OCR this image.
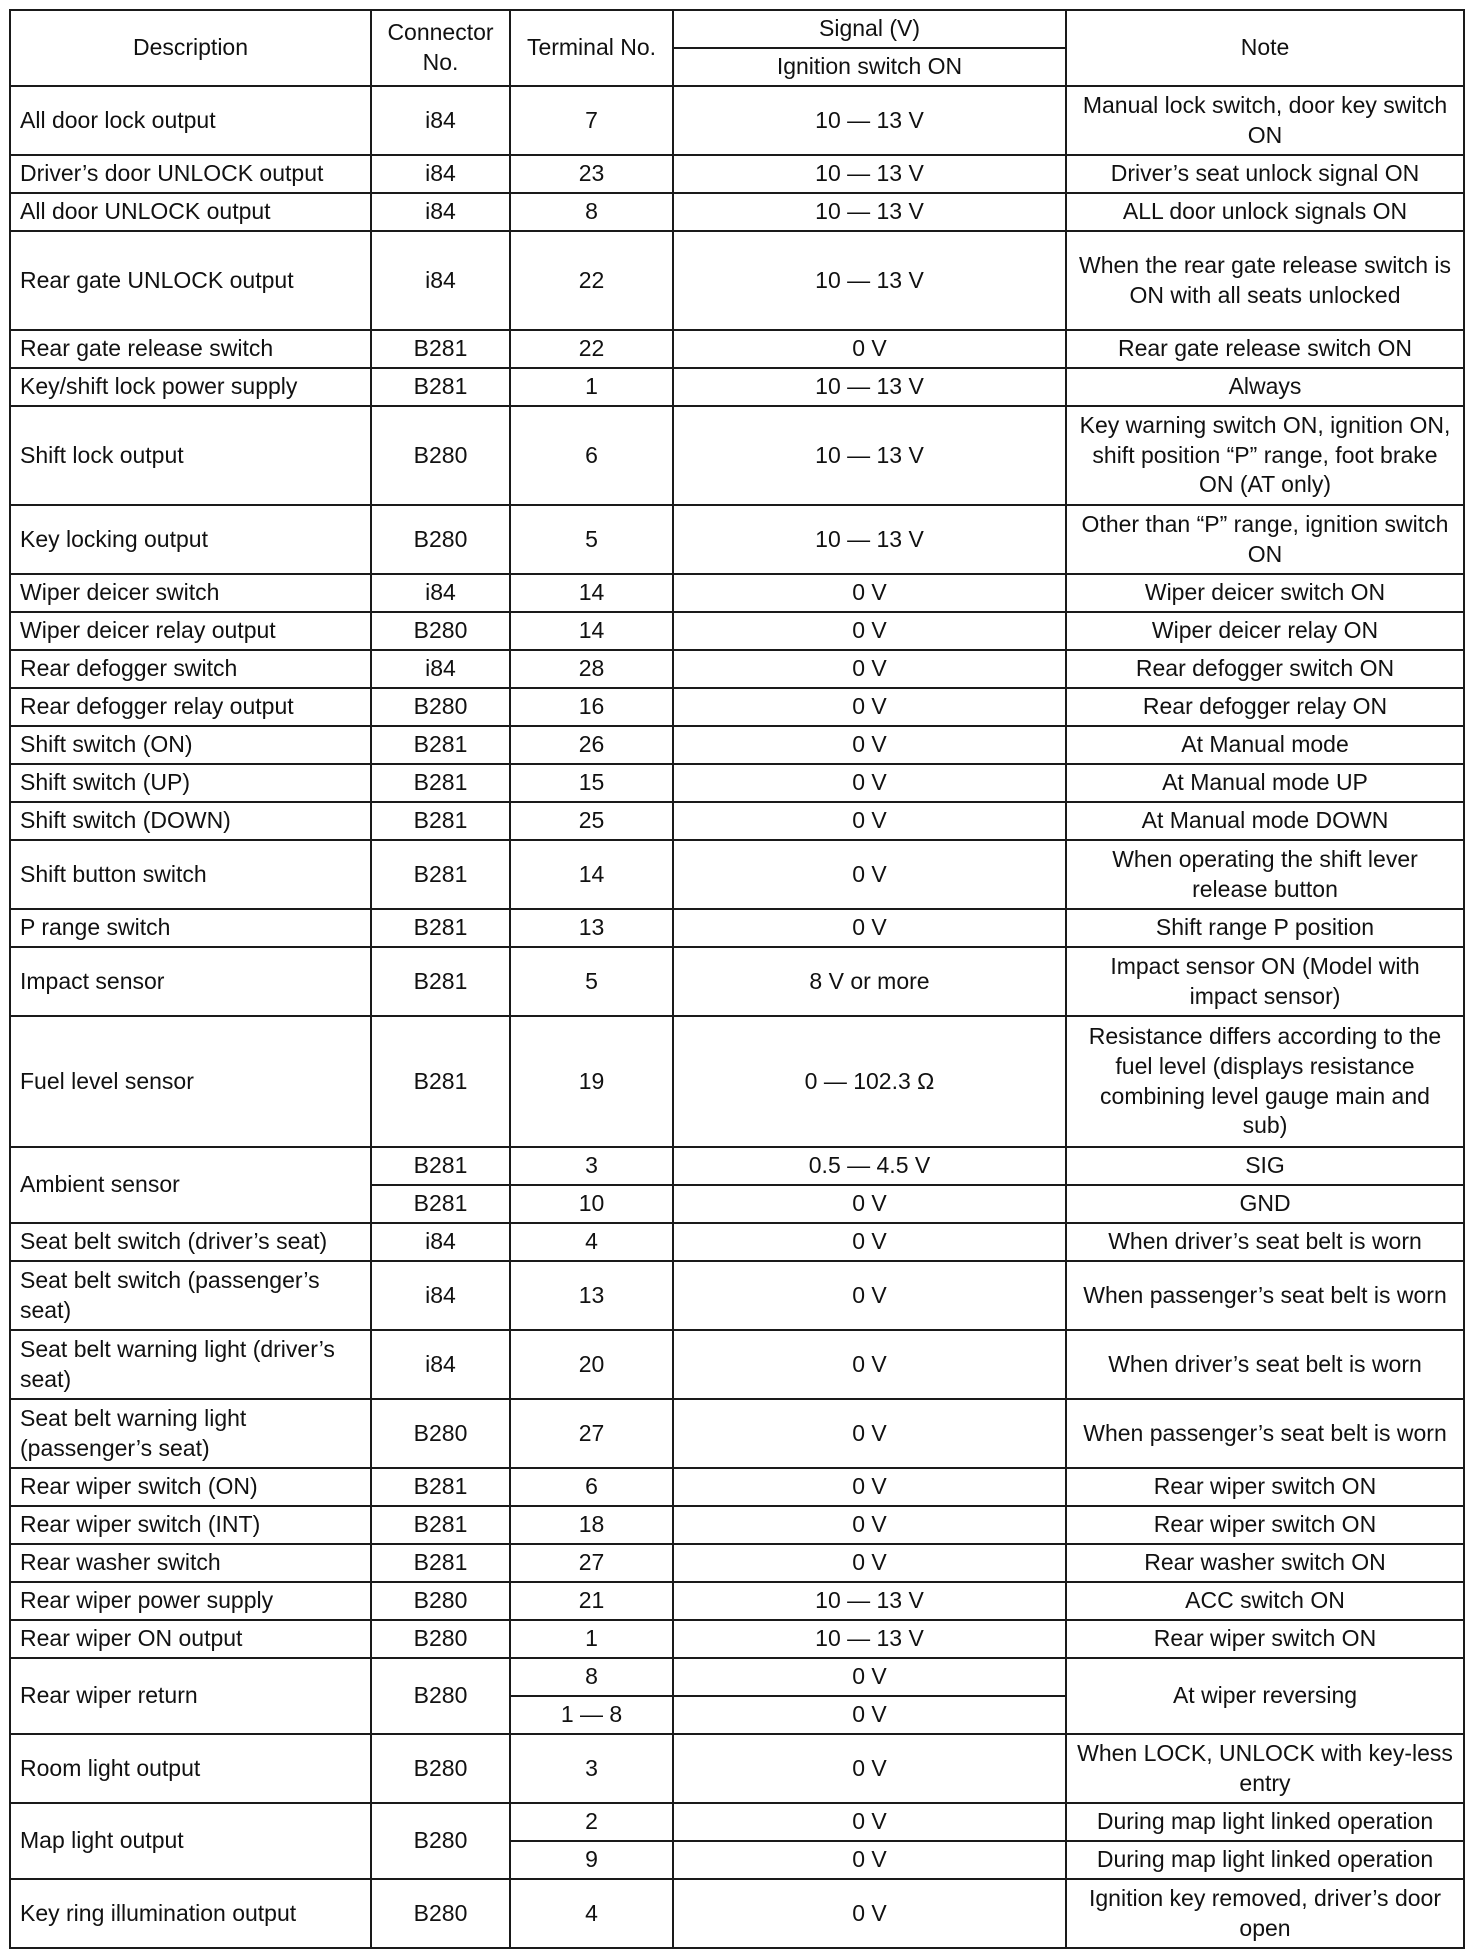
Description	Connector No.	Terminal No.	Signal (V)	Note
			Ignition switch ON	
All door lock output	i84	7	10 — 13 V	Manual lock switch, door key switch ON
Driver’s door UNLOCK output	i84	23	10 — 13 V	Driver’s seat unlock signal ON
All door UNLOCK output	i84	8	10 — 13 V	ALL door unlock signals ON
Rear gate UNLOCK output	i84	22	10 — 13 V	When the rear gate release switch is ON with all seats unlocked
Rear gate release switch	B281	22	0 V	Rear gate release switch ON
Key/shift lock power supply	B281	1	10 — 13 V	Always
Shift lock output	B280	6	10 — 13 V	Key warning switch ON, ignition ON, shift position “P” range, foot brake ON (AT only)
Key locking output	B280	5	10 — 13 V	Other than “P” range, ignition switch ON
Wiper deicer switch	i84	14	0 V	Wiper deicer switch ON
Wiper deicer relay output	B280	14	0 V	Wiper deicer relay ON
Rear defogger switch	i84	28	0 V	Rear defogger switch ON
Rear defogger relay output	B280	16	0 V	Rear defogger relay ON
Shift switch (ON)	B281	26	0 V	At Manual mode
Shift switch (UP)	B281	15	0 V	At Manual mode UP
Shift switch (DOWN)	B281	25	0 V	At Manual mode DOWN
Shift button switch	B281	14	0 V	When operating the shift lever release button
P range switch	B281	13	0 V	Shift range P position
Impact sensor	B281	5	8 V or more	Impact sensor ON (Model with impact sensor)
Fuel level sensor	B281	19	0 — 102.3 Ω	Resistance differs according to the fuel level (displays resistance combining level gauge main and sub)
Ambient sensor	B281	3	0.5 — 4.5 V	SIG
	B281	10	0 V	GND
Seat belt switch (driver’s seat)	i84	4	0 V	When driver’s seat belt is worn
Seat belt switch (passenger’s seat)	i84	13	0 V	When passenger’s seat belt is worn
Seat belt warning light (driver’s seat)	i84	20	0 V	When driver’s seat belt is worn
Seat belt warning light (passenger’s seat)	B280	27	0 V	When passenger’s seat belt is worn
Rear wiper switch (ON)	B281	6	0 V	Rear wiper switch ON
Rear wiper switch (INT)	B281	18	0 V	Rear wiper switch ON
Rear washer switch	B281	27	0 V	Rear washer switch ON
Rear wiper power supply	B280	21	10 — 13 V	ACC switch ON
Rear wiper ON output	B280	1	10 — 13 V	Rear wiper switch ON
Rear wiper return	B280	8	0 V	At wiper reversing
		1 — 8	0 V	
Room light output	B280	3	0 V	When LOCK, UNLOCK with key-less entry
Map light output	B280	2	0 V	During map light linked operation
		9	0 V	During map light linked operation
Key ring illumination output	B280	4	0 V	Ignition key removed, driver’s door open
